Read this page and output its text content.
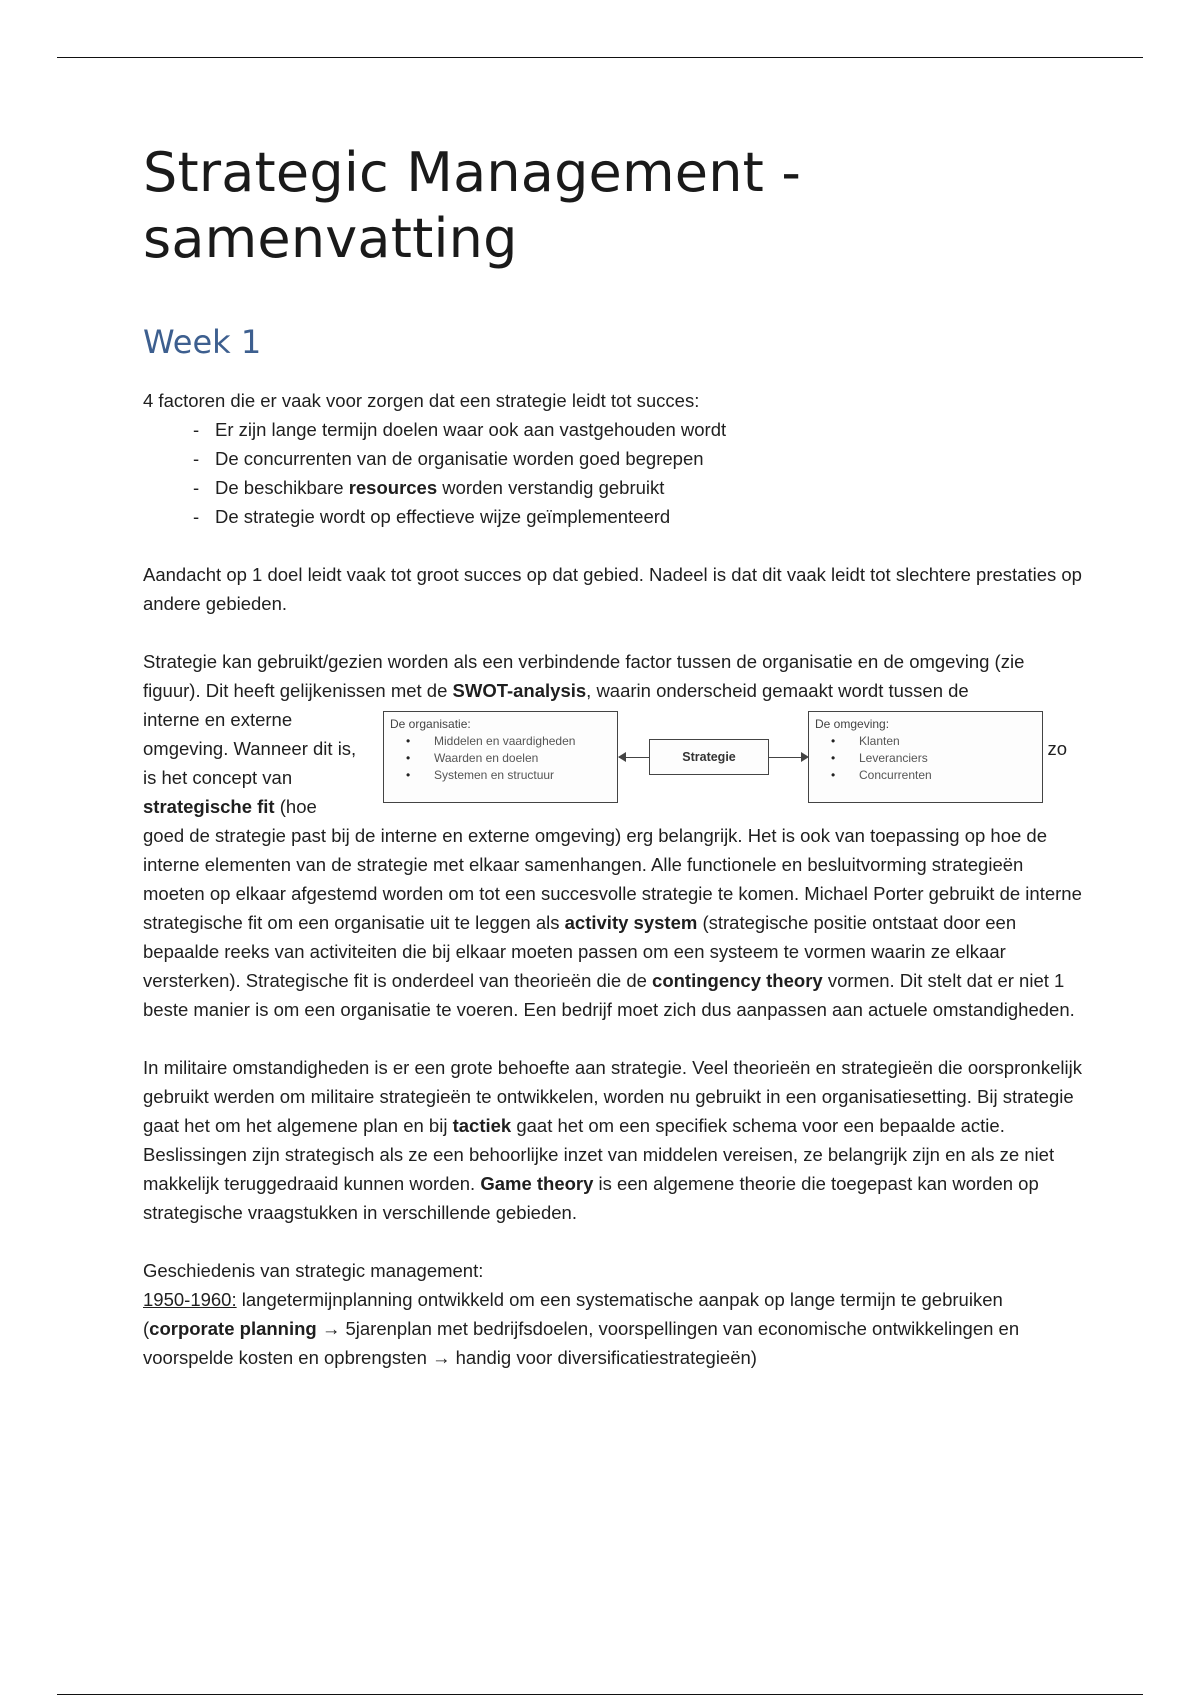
Strategic Management - samenvatting
Week 1

4 factoren die er vaak voor zorgen dat een strategie leidt tot succes:

- Er zijn lange termijn doelen waar ook aan vastgehouden wordt
- De concurrenten van de organisatie worden goed begrepen
- De beschikbare resources worden verstandig gebruikt
- De strategie wordt op effectieve wijze geïmplementeerd

Aandacht op 1 doel leidt vaak tot groot succes op dat gebied. Nadeel is dat dit vaak leidt tot slechtere prestaties op andere gebieden.

Strategie kan gebruikt/gezien worden als een verbindende factor tussen de organisatie en de omgeving (zie figuur). Dit heeft gelijkenissen met de SWOT-analysis, waarin onderscheid gemaakt wordt tussen de

interne en externe omgeving. Wanneer dit is, is het concept van strategische fit (hoe

De organisatie:
• Middelen en vaardigheden
• Waarden en doelen
• Systemen en structuur
Strategie
De omgeving:
• Klanten
• Leveranciers
• Concurrenten
zo

goed de strategie past bij de interne en externe omgeving) erg belangrijk. Het is ook van toepassing op hoe de interne elementen van de strategie met elkaar samenhangen. Alle functionele en besluitvorming strategieën moeten op elkaar afgestemd worden om tot een succesvolle strategie te komen. Michael Porter gebruikt de interne strategische fit om een organisatie uit te leggen als activity system (strategische positie ontstaat door een bepaalde reeks van activiteiten die bij elkaar moeten passen om een systeem te vormen waarin ze elkaar versterken). Strategische fit is onderdeel van theorieën die de contingency theory vormen. Dit stelt dat er niet 1 beste manier is om een organisatie te voeren. Een bedrijf moet zich dus aanpassen aan actuele omstandigheden.

In militaire omstandigheden is er een grote behoefte aan strategie. Veel theorieën en strategieën die oorspronkelijk gebruikt werden om militaire strategieën te ontwikkelen, worden nu gebruikt in een organisatiesetting. Bij strategie gaat het om het algemene plan en bij tactiek gaat het om een specifiek schema voor een bepaalde actie. Beslissingen zijn strategisch als ze een behoorlijke inzet van middelen vereisen, ze belangrijk zijn en als ze niet makkelijk teruggedraaid kunnen worden. Game theory is een algemene theorie die toegepast kan worden op strategische vraagstukken in verschillende gebieden.

Geschiedenis van strategic management:

1950-1960: langetermijnplanning ontwikkeld om een systematische aanpak op lange termijn te gebruiken (corporate planning → 5jarenplan met bedrijfsdoelen, voorspellingen van economische ontwikkelingen en voorspelde kosten en opbrengsten → handig voor diversificatiestrategieën)
